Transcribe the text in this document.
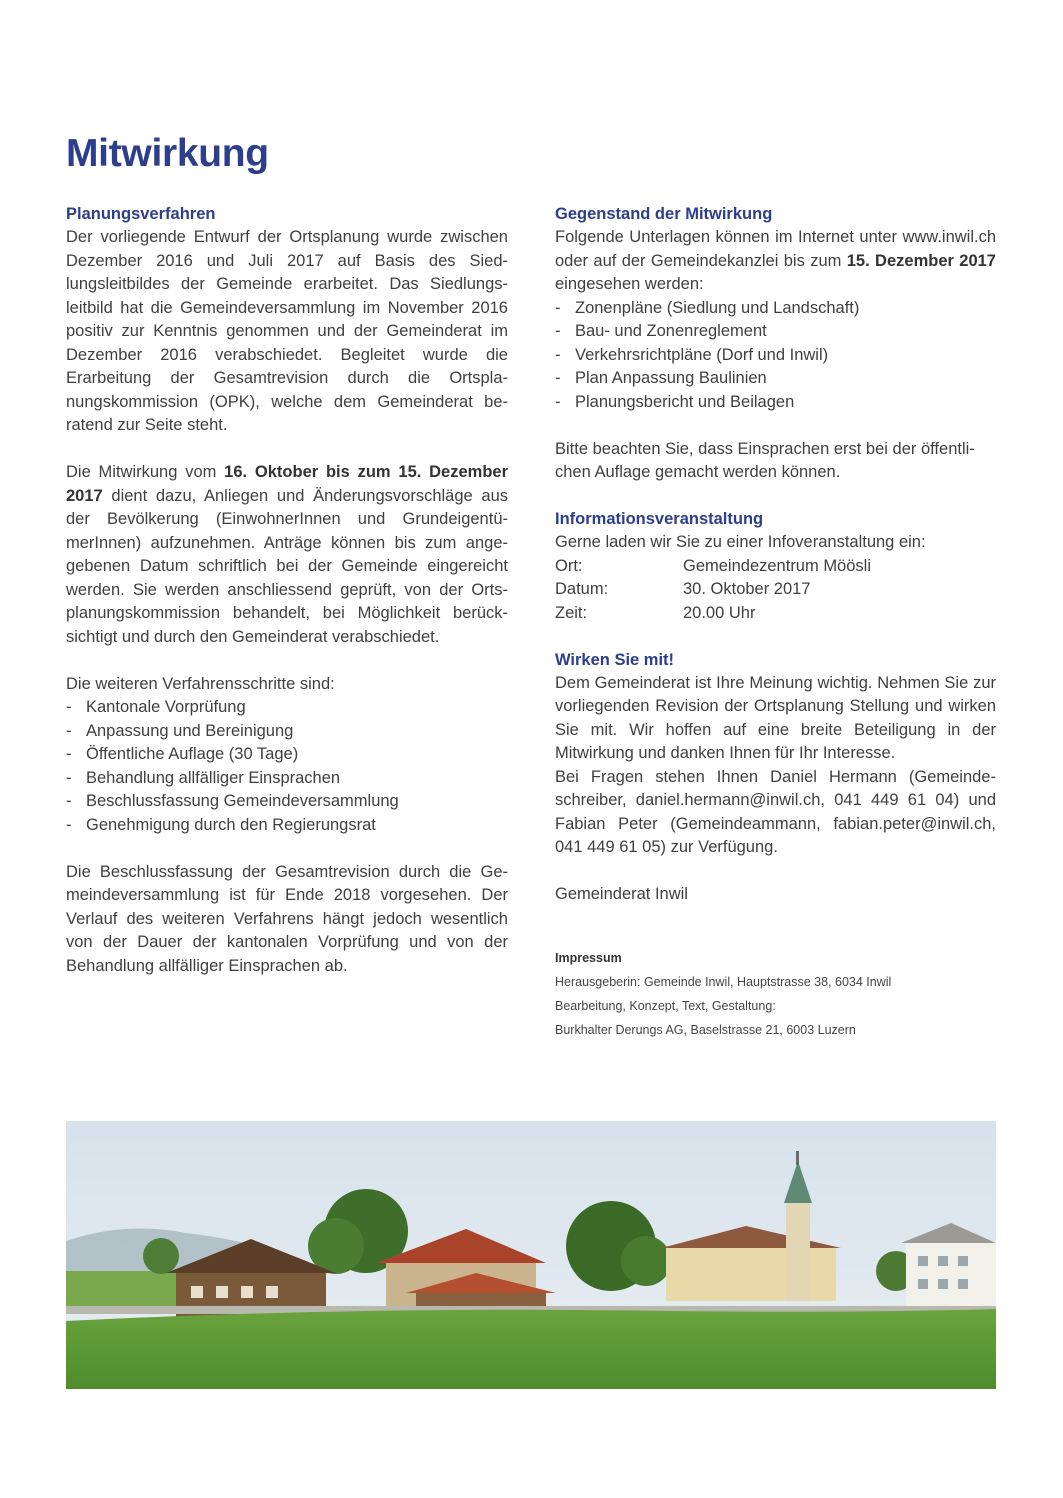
Mitwirkung
Planungsverfahren

Der vorliegende Entwurf der Ortsplanung wurde zwischen Dezember 2016 und Juli 2017 auf Basis des Siedlungsleitbildes der Gemeinde erarbeitet. Das Siedlungsleitbild hat die Gemeindeversammlung im November 2016 positiv zur Kenntnis genommen und der Gemeinderat im Dezember 2016 verabschiedet. Begleitet wurde die Erarbeitung der Gesamtrevision durch die Ortsplanungskommission (OPK), welche dem Gemeinderat beratend zur Seite steht.

Die Mitwirkung vom 16. Oktober bis zum 15. Dezember 2017 dient dazu, Anliegen und Änderungsvorschläge aus der Bevölkerung (EinwohnerInnen und GrundeigentümerInnen) aufzunehmen. Anträge können bis zum angegebenen Datum schriftlich bei der Gemeinde eingereicht werden. Sie werden anschliessend geprüft, von der Ortsplanungskommission behandelt, bei Möglichkeit berücksichtigt und durch den Gemeinderat verabschiedet.

Die weiteren Verfahrensschritte sind:

- Kantonale Vorprüfung
- Anpassung und Bereinigung
- Öffentliche Auflage (30 Tage)
- Behandlung allfälliger Einsprachen
- Beschlussfassung Gemeindeversammlung
- Genehmigung durch den Regierungsrat

Die Beschlussfassung der Gesamtrevision durch die Gemeindeversammlung ist für Ende 2018 vorgesehen. Der Verlauf des weiteren Verfahrens hängt jedoch wesentlich von der Dauer der kantonalen Vorprüfung und von der Behandlung allfälliger Einsprachen ab.

Gegenstand der Mitwirkung

Folgende Unterlagen können im Internet unter www.inwil.ch oder auf der Gemeindekanzlei bis zum 15. Dezember 2017 eingesehen werden:

- Zonenpläne (Siedlung und Landschaft)
- Bau- und Zonenreglement
- Verkehrsrichtpläne (Dorf und Inwil)
- Plan Anpassung Baulinien
- Planungsbericht und Beilagen

Bitte beachten Sie, dass Einsprachen erst bei der öffentlichen Auflage gemacht werden können.

Informationsveranstaltung

Gerne laden wir Sie zu einer Infoveranstaltung ein:

Ort:	Gemeindezentrum Möösli
Datum:	30. Oktober 2017
Zeit:	20.00 Uhr
Wirken Sie mit!

Dem Gemeinderat ist Ihre Meinung wichtig. Nehmen Sie zur vorliegenden Revision der Ortsplanung Stellung und wirken Sie mit. Wir hoffen auf eine breite Beteiligung in der Mitwirkung und danken Ihnen für Ihr Interesse.

Bei Fragen stehen Ihnen Daniel Hermann (Gemeindeschreiber, daniel.hermann@inwil.ch, 041 449 61 04) und Fabian Peter (Gemeindeammann, fabian.peter@inwil.ch, 041 449 61 05) zur Verfügung.

Gemeinderat Inwil

Impressum

Herausgeberin: Gemeinde Inwil, Hauptstrasse 38, 6034 Inwil

Bearbeitung, Konzept, Text, Gestaltung:

Burkhalter Derungs AG, Baselstrasse 21, 6003 Luzern
